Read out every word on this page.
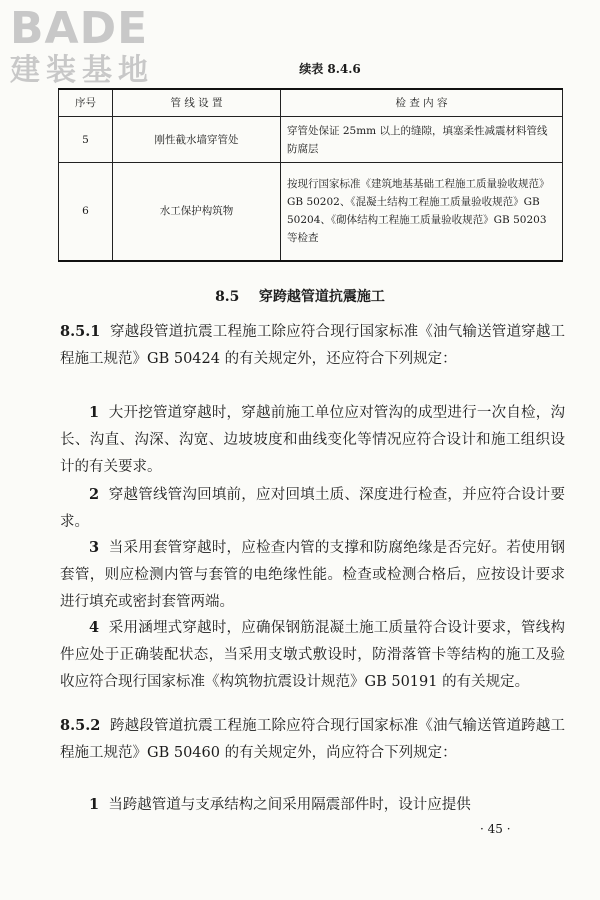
BADE
建装基地	续表 8.4.6
序号	管 线 设 置	检 查 内 容
5	刚性截水墙穿管处	穿管处保证 25mm 以上的缝隙，填塞柔性减震材料管线防腐层
6	水工保护构筑物	按现行国家标准《建筑地基基础工程施工质量验收规范》GB 50202、《混凝土结构工程施工质量验收规范》GB 50204、《砌体结构工程施工质量验收规范》GB 50203 等检查
8.5 穿跨越管道抗震施工
8.5.1 穿越段管道抗震工程施工除应符合现行国家标准《油气输送管道穿越工程施工规范》GB 50424 的有关规定外，还应符合下列规定：
1 大开挖管道穿越时，穿越前施工单位应对管沟的成型进行一次自检，沟长、沟直、沟深、沟宽、边坡坡度和曲线变化等情况应符合设计和施工组织设计的有关要求。
2 穿越管线管沟回填前，应对回填土质、深度进行检查，并应符合设计要求。
3 当采用套管穿越时，应检查内管的支撑和防腐绝缘是否完好。若使用钢套管，则应检测内管与套管的电绝缘性能。检查或检测合格后，应按设计要求进行填充或密封套管两端。
4 采用涵埋式穿越时，应确保钢筋混凝土施工质量符合设计要求，管线构件应处于正确装配状态，当采用支墩式敷设时，防滑落管卡等结构的施工及验收应符合现行国家标准《构筑物抗震设计规范》GB 50191 的有关规定。
8.5.2 跨越段管道抗震工程施工除应符合现行国家标准《油气输送管道跨越工程施工规范》GB 50460 的有关规定外，尚应符合下列规定：
1 当跨越管道与支承结构之间采用隔震部件时，设计应提供
· 45 ·
